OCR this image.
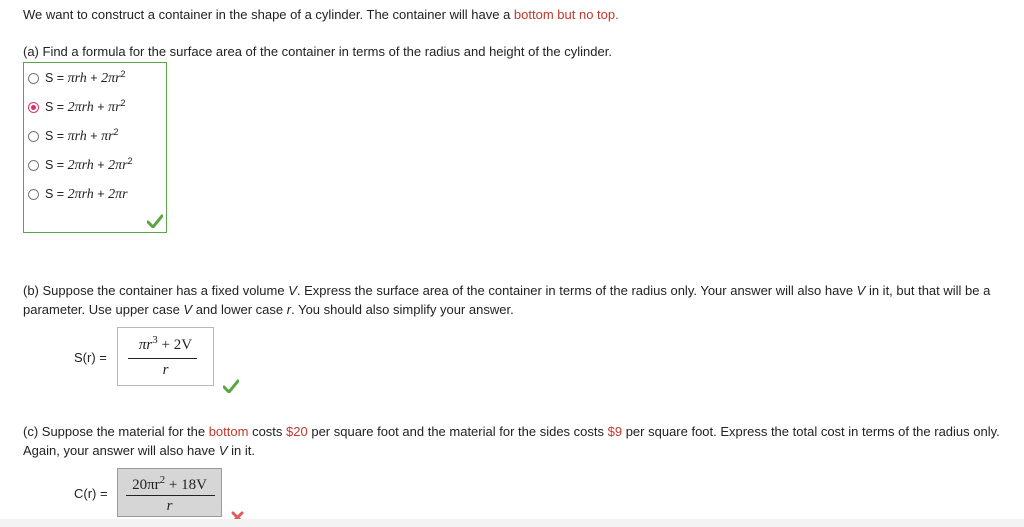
We want to construct a container in the shape of a cylinder. The container will have a bottom but no top.
(a) Find a formula for the surface area of the container in terms of the radius and height of the cylinder.
$S = \pi rh + 2\pi r^2$
$S = 2\pi rh + \pi r^2$
$S = \pi rh + \pi r^2$
$S = 2\pi rh + 2\pi r^2$
S = 2πrh + 2πr
(b) Suppose the container has a fixed volume V. Express the surface area of the container in terms of the radius only. Your answer will also have V in it, but that will be a parameter. Use upper case V and lower case r. You should also simplify your answer.
S(r) =
$\pi r^3 + 2V$
r
(c) Suppose the material for the bottom costs $20 per square foot and the material for the sides costs $9 per square foot. Express the total cost in terms of the radius only. Again, your answer will also have V in it.
C(r) =
$20\pi r^2 + 18V$
r
